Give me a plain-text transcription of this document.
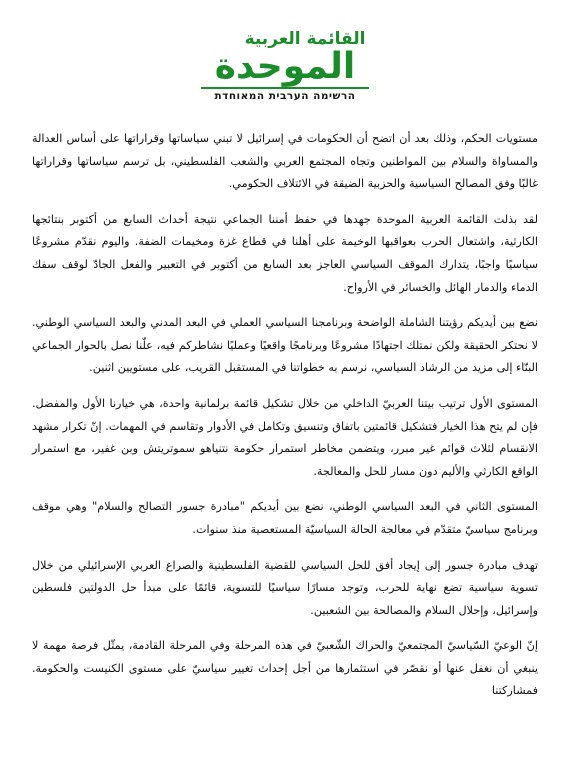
القائمة العربية
الموحدة
הרשימה הערבית המאוחדת

مستويات الحكم، وذلك بعد أن اتضح أن الحكومات في إسرائيل لا تبني سياساتها وقراراتها على أساس العدالة والمساواة والسلام بين المواطنين وتجاه المجتمع العربي والشعب الفلسطيني، بل ترسم سياساتها وقراراتها غالبًا وفق المصالح السياسية والحزبية الضيقة في الائتلاف الحكومي.

لقد بذلت القائمة العربية الموحدة جهدها في حفظ أمننا الجماعي نتيجة أحداث السابع من أكتوبر بنتائجها الكارثية، واشتعال الحرب بعواقبها الوخيمة على أهلنا في قطاع غزة ومخيمات الضفة. واليوم نقدّم مشروعًا سياسيًا واجبًا، يتدارك الموقف السياسي العاجز بعد السابع من أكتوبر في التعبير والفعل الجادّ لوقف سفك الدماء والدمار الهائل والخسائر في الأرواح.

نضع بين أيديكم رؤيتنا الشاملة الواضحة وبرنامجنا السياسي العملي في البعد المدني والبعد السياسي الوطني. لا نحتكر الحقيقة ولكن نمتلك اجتهادًا مشروعًا وبرنامجًا واقعيًا وعمليًا نشاطركم فيه، علّنا نصل بالحوار الجماعي البنّاء إلى مزيد من الرشاد السياسي، نرسم به خطواتنا في المستقبل القريب، على مستويين اثنين.

المستوى الأول ترتيب بيتنا العربيّ الداخلي من خلال تشكيل قائمة برلمانية واحدة، هي خيارنا الأول والمفضل. فإن لم يتح هذا الخيار فتشكيل قائمتين باتفاق وتنسيق وتكامل في الأدوار وتقاسم في المهمات. إنّ تكرار مشهد الانقسام لثلاث قوائم غير مبرر، ويتضمن مخاطر استمرار حكومة نتنياهو سموتريتش وبن غفير، مع استمرار الواقع الكارثي والأليم دون مسار للحل والمعالجة.

المستوى الثاني في البعد السياسي الوطني، نضع بين أيديكم "مبادرة جسور التصالح والسلام" وهي موقف وبرنامج سياسيّ متقدّم في معالجة الحالة السياسيّة المستعصية منذ سنوات.

تهدف مبادرة جسور إلى إيجاد أفق للحل السياسي للقضية الفلسطينية والصراع العربي الإسرائيلي من خلال تسوية سياسية تضع نهاية للحرب، وتوجد مسارًا سياسيًا للتسوية، قائمًا على مبدأ حل الدولتين فلسطين وإسرائيل، وإحلال السلام والمصالحة بين الشعبين.

إنّ الوعيّ السّياسيّ المجتمعيّ والحراك الشّعبيّ في هذه المرحلة وفي المرحلة القادمة، يمثّل فرصة مهمة لا ينبغي أن نغفل عنها أو نقصّر في استثمارها من أجل إحداث تغيير سياسيّ على مستوى الكنيست والحكومة. فمشاركتنا
